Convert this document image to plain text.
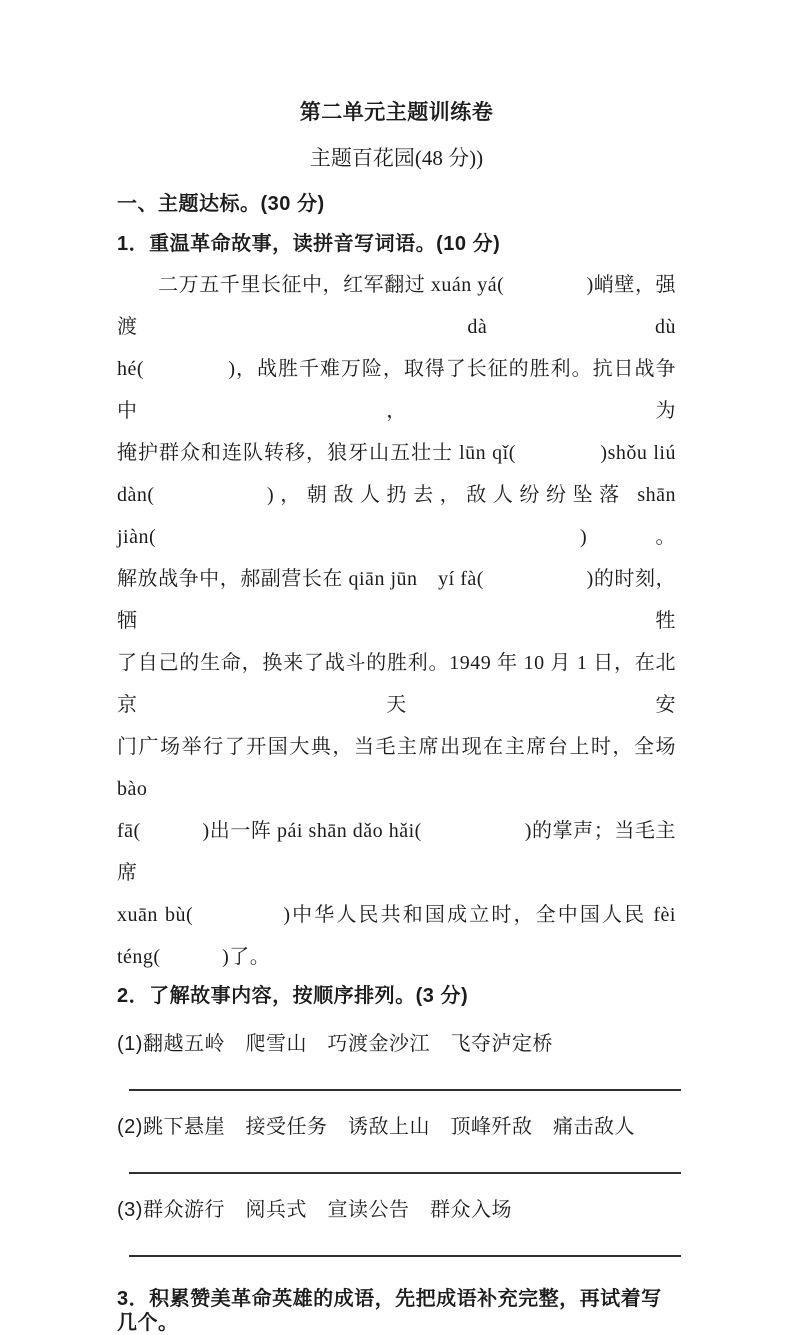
第二单元主题训练卷
主题百花园(48 分))
一、主题达标。(30 分)
1．重温革命故事，读拼音写词语。(10 分)
　　二万五千里长征中，红军翻过 xuán yá(　　　　)峭壁，强渡 dà dù
hé(　　　　)，战胜千难万险，取得了长征的胜利。抗日战争中，为
掩护群众和连队转移，狼牙山五壮士 lūn qǐ(　　　　)shǒu liú
dàn(　　　　)，朝敌人扔去，敌人纷纷坠落 shān jiàn(　　　　)。
解放战争中，郝副营长在 qiān jūn　yí fà(　　　　　)的时刻，牺牲
了自己的生命，换来了战斗的胜利。1949 年 10 月 1 日，在北京天安
门广场举行了开国大典，当毛主席出现在主席台上时，全场 bào
fā(　　　)出一阵 pái shān dǎo hǎi(　　　　　)的掌声；当毛主席
xuān bù(　　　　)中华人民共和国成立时，全中国人民 fèi
téng(　　　)了。
2．了解故事内容，按顺序排列。(3 分)
(1)翻越五岭　爬雪山　巧渡金沙江　飞夺泸定桥
(2)跳下悬崖　接受任务　诱敌上山　顶峰歼敌　痛击敌人
(3)群众游行　阅兵式　宣读公告　群众入场
3．积累赞美革命英雄的成语，先把成语补充完整，再试着写几个。
